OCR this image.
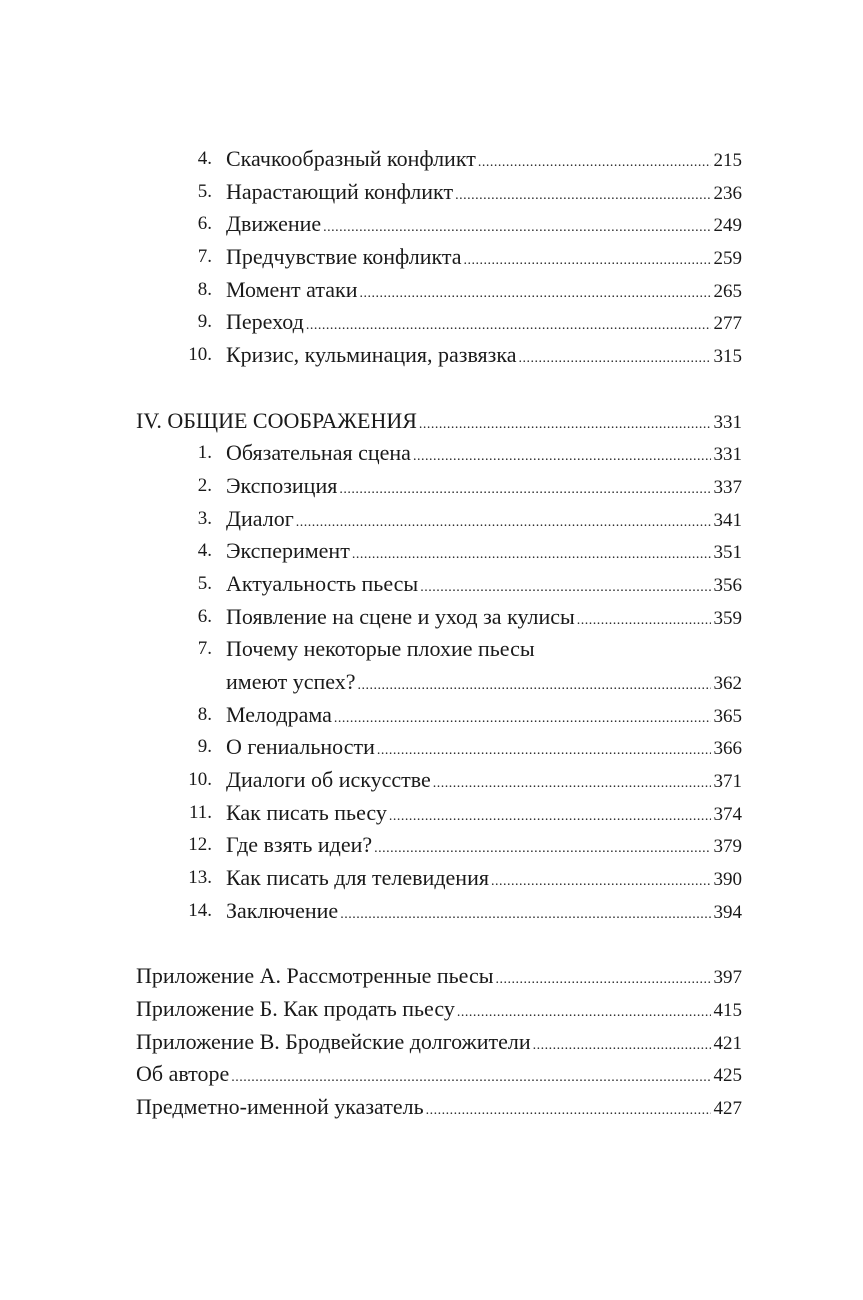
4. Скачкообразный конфликт .....	215
5. Нарастающий конфликт .....	236
6. Движение .....	249
7. Предчувствие конфликта .....	259
8. Момент атаки .....	265
9. Переход .....	277
10. Кризис, кульминация, развязка .....	315
IV. ОБЩИЕ СООБРАЖЕНИЯ .....	331
1. Обязательная сцена .....	331
2. Экспозиция .....	337
3. Диалог .....	341
4. Эксперимент .....	351
5. Актуальность пьесы .....	356
6. Появление на сцене и уход за кулисы .....	359
7. Почему некоторые плохие пьесы
имеют успех? .....	362
8. Мелодрама .....	365
9. О гениальности .....	366
10. Диалоги об искусстве .....	371
11. Как писать пьесу .....	374
12. Где взять идеи? .....	379
13. Как писать для телевидения .....	390
14. Заключение .....	394
Приложение А. Рассмотренные пьесы .....	397
Приложение Б. Как продать пьесу .....	415
Приложение В. Бродвейские долгожители .....	421
Об авторе .....	425
Предметно-именной указатель .....	427
